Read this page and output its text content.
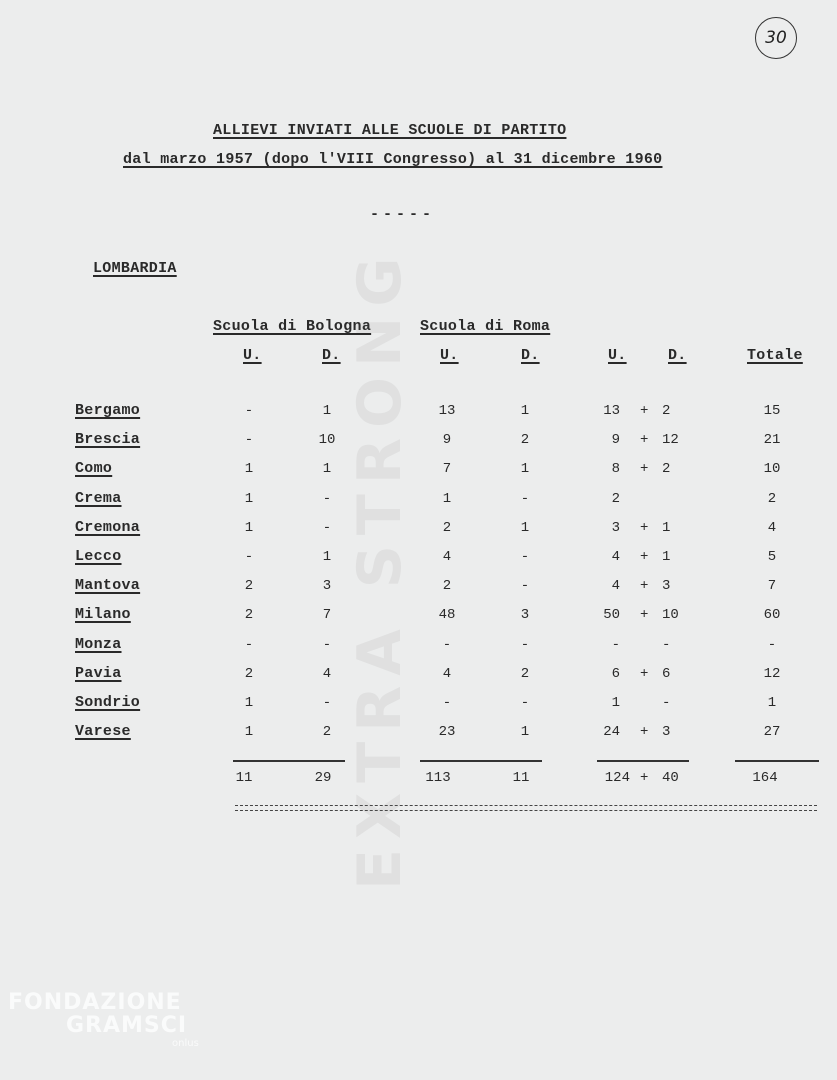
30
ALLIEVI INVIATI ALLE SCUOLE DI PARTITO
dal marzo 1957 (dopo l'VIII Congresso) al 31 dicembre 1960
-----
LOMBARDIA
Scuola di Bologna	Scuola di Roma
U.	D.	U.	D.	U.	D.	Totale
Bergamo	-	1	13	1	13 + 2	15
Brescia	-	10	9	2	9 + 12	21
Como	1	1	7	1	8 + 2	10
Crema	1	-	1	-	2	2
Cremona	1	-	2	1	3 + 1	4
Lecco	-	1	4	-	4 + 1	5
Mantova	2	3	2	-	4 + 3	7
Milano	2	7	48	3	50 + 10	60
Monza	-	-	-	-	-	-	-
Pavia	2	4	4	2	6 + 6	12
Sondrio	1	-	-	-	1	-	1
Varese	1	2	23	1	24 + 3	27
11	29	113	11	124 + 40	164
EXTRA STRONG
FONDAZIONE
GRAMSCI
onlus
